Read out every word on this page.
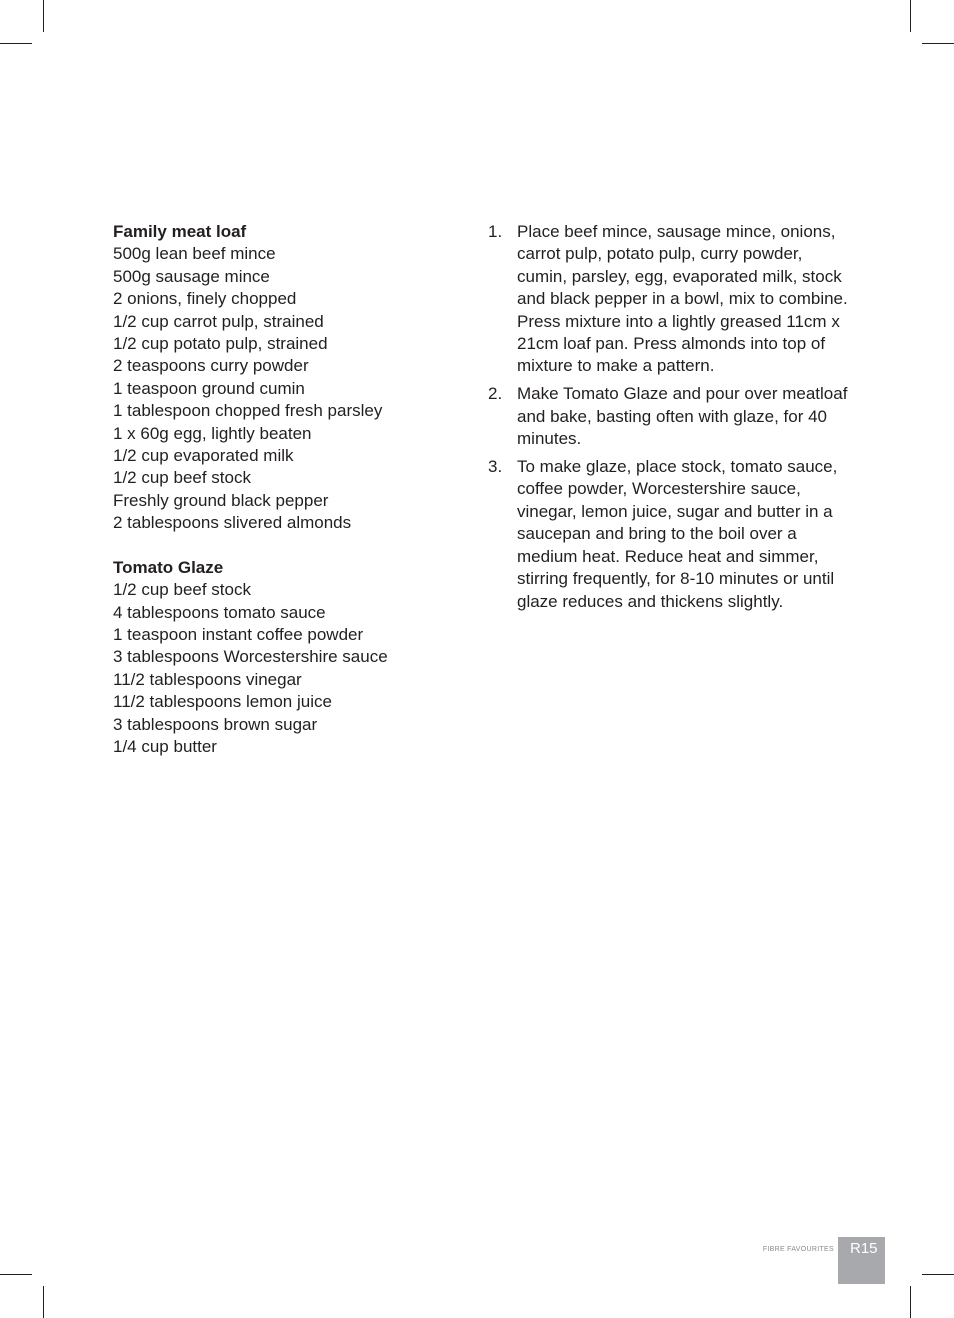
Family meat loaf
500g lean beef mince
500g sausage mince
2 onions, finely chopped
1/2 cup carrot pulp, strained
1/2 cup potato pulp, strained
2 teaspoons curry powder
1 teaspoon ground cumin
1 tablespoon chopped fresh parsley
1 x 60g egg, lightly beaten
1/2 cup evaporated milk
1/2 cup beef stock
Freshly ground black pepper
2 tablespoons slivered almonds
Tomato Glaze
1/2 cup beef stock
4 tablespoons tomato sauce
1 teaspoon instant coffee powder
3 tablespoons Worcestershire sauce
11/2 tablespoons vinegar
11/2 tablespoons lemon juice
3 tablespoons brown sugar
1/4 cup butter
1. Place beef mince, sausage mince, onions, carrot pulp, potato pulp, curry powder, cumin, parsley, egg, evaporated milk, stock and black pepper in a bowl, mix to combine. Press mixture into a lightly greased 11cm x 21cm loaf pan. Press almonds into top of mixture to make a pattern.
2. Make Tomato Glaze and pour over meatloaf and bake, basting often with glaze, for 40 minutes.
3. To make glaze, place stock, tomato sauce, coffee powder, Worcestershire sauce, vinegar, lemon juice, sugar and butter in a saucepan and bring to the boil over a medium heat. Reduce heat and simmer, stirring frequently, for 8-10 minutes or until glaze reduces and thickens slightly.
FIBRE FAVOURITES R15
